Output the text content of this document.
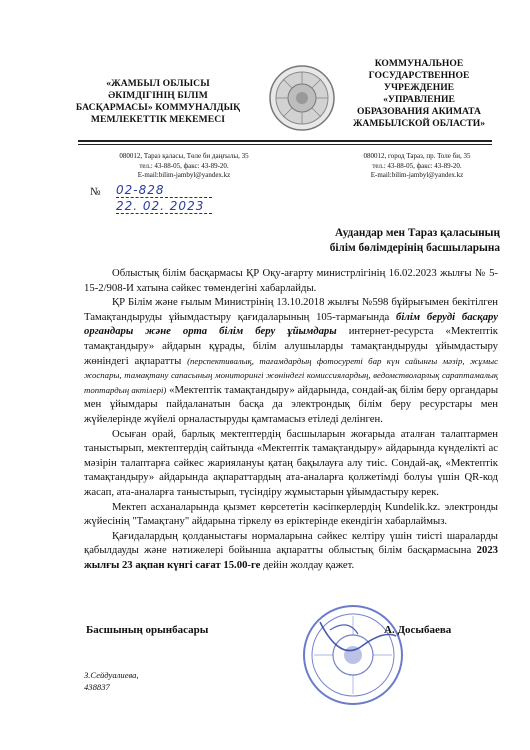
«ЖАМБЫЛ ОБЛЫСЫ
ӘКІМДІГІНІҢ БІЛІМ
БАСҚАРМАСЫ» КОММУНАЛДЫҚ
МЕМЛЕКЕТТІК МЕКЕМЕСІ
КОММУНАЛЬНОЕ
ГОСУДАРСТВЕННОЕ
УЧРЕЖДЕНИЕ
«УПРАВЛЕНИЕ
ОБРАЗОВАНИЯ АКИМАТА
ЖАМБЫЛСКОЙ ОБЛАСТИ»
080012, Тараз қаласы, Төле би даңғылы, 35
тел.: 43-88-05, факс: 43-89-20.
E-mail:bilim-jambyl@yandex.kz
080012, город Тараз, пр. Толе би, 35
тел.: 43-88-05, факс: 43-89-20.
E-mail:bilim-jambyl@yandex.kz
№	02-828
22. 02. 2023
Аудандар мен Тараз қаласының
білім бөлімдерінің басшыларына

Облыстық білім басқармасы ҚР Оқу-ағарту министрлігінің 16.02.2023 жылғы № 5-15-2/908-И хатына сәйкес төмендегіні хабарлайды.

ҚР Білім және ғылым Министрінің 13.10.2018 жылғы №598 бұйрығымен бекітілген Тамақтандыруды ұйымдастыру қағидаларының 105-тармағында білім беруді басқару органдары және орта білім беру ұйымдары интернет-ресурста «Мектептік тамақтандыру» айдарын құрады, білім алушыларды тамақтандыруды ұйымдастыру жөніндегі ақпаратты (перспективалық, тағамдардың фотосуреті бар күн сайынғы мәзір, жұмыс жоспары, тамақтану сапасының мониторингі жөніндегі комиссиялардың, ведомстволарлық сараптамалық топтардың актілері) «Мектептік тамақтандыру» айдарында, сондай-ақ білім беру органдары мен ұйымдары пайдаланатын басқа да электрондық білім беру ресурстары мен жүйелерінде жүйелі орналастыруды қамтамасыз етіледі делінген.

Осыған орай, барлық мектептердің басшыларын жоғарыда аталған талаптармен таныстырып, мектептердің сайтында «Мектептік тамақтандыру» айдарында күнделікті ас мәзірін талаптарға сәйкес жариялануы қатаң бақылауға алу тиіс. Сондай-ақ, «Мектептік тамақтандыру» айдарында ақпараттардың ата-аналарға қолжетімді болуы үшін QR-код жасап, ата-аналарға таныстырып, түсіндіру жұмыстарын ұйымдастыру керек.

Мектеп асханаларында қызмет көрсететін кәсіпкерлердің Kundelik.kz. электронды жүйесінің "Тамақтану" айдарына тіркелу өз еріктерінде екендігін хабарлаймыз.

Қағидалардың қолданыстағы нормаларына сәйкес келтіру үшін тиісті шараларды қабылдауды және нәтижелері бойынша ақпаратты облыстық білім басқармасына 2023 жылғы 23 ақпан күнгі сағат 15.00-ге дейін жолдау қажет.

Басшының орынбасары	А. Досыбаева
З.Сейдуалиева,
438837
